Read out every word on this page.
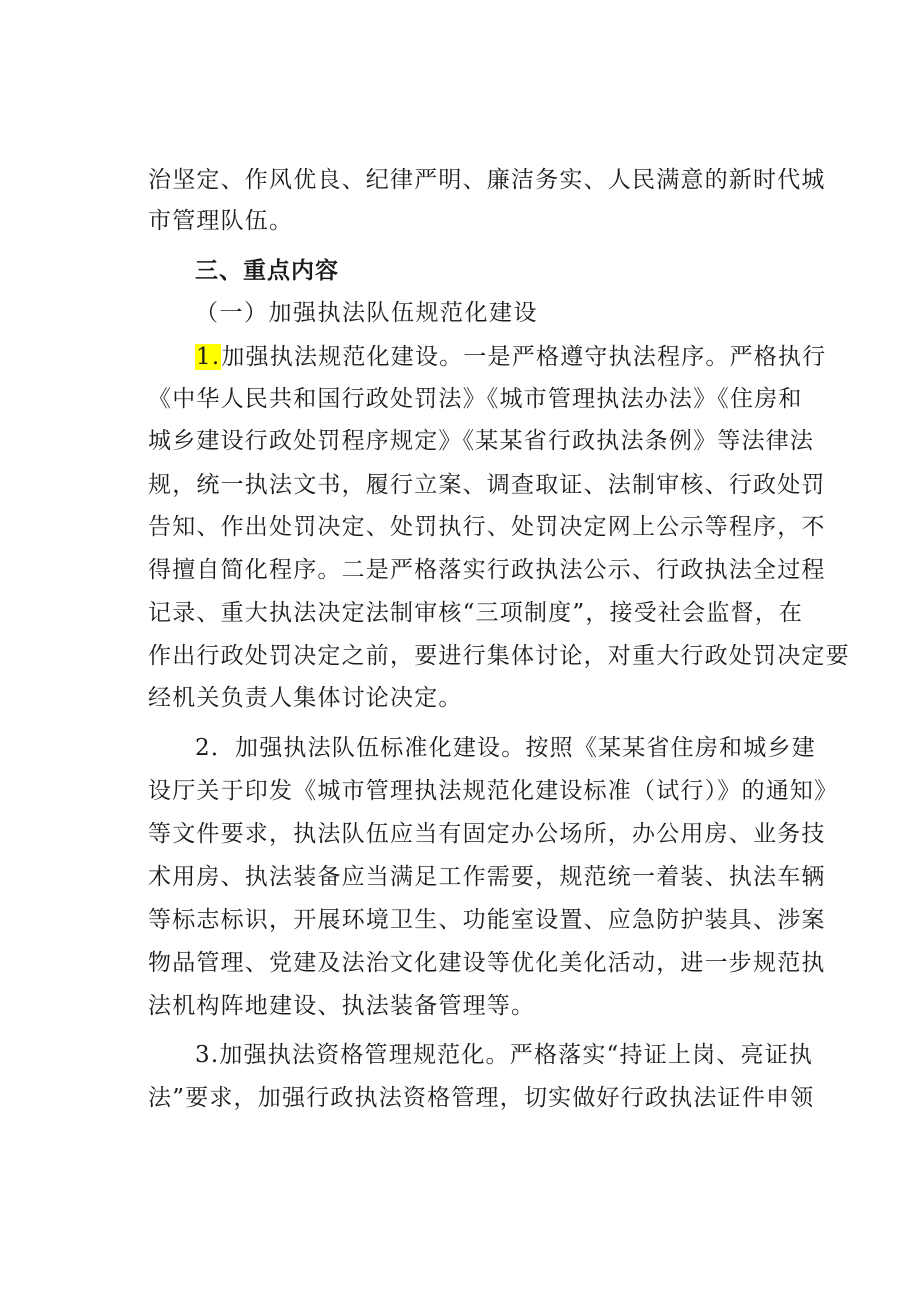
治坚定、作风优良、纪律严明、廉洁务实、人民满意的新时代城
市管理队伍。
三、重点内容
（一）加强执法队伍规范化建设
1.加强执法规范化建设。一是严格遵守执法程序。严格执行
《中华人民共和国行政处罚法》《城市管理执法办法》《住房和
城乡建设行政处罚程序规定》《某某省行政执法条例》等法律法
规，统一执法文书，履行立案、调查取证、法制审核、行政处罚
告知、作出处罚决定、处罚执行、处罚决定网上公示等程序，不
得擅自简化程序。二是严格落实行政执法公示、行政执法全过程
记录、重大执法决定法制审核“三项制度”，接受社会监督，在
作出行政处罚决定之前，要进行集体讨论，对重大行政处罚决定要
经机关负责人集体讨论决定。
2．加强执法队伍标准化建设。按照《某某省住房和城乡建
设厅关于印发《城市管理执法规范化建设标准（试行）》的通知》
等文件要求，执法队伍应当有固定办公场所，办公用房、业务技
术用房、执法装备应当满足工作需要，规范统一着装、执法车辆
等标志标识，开展环境卫生、功能室设置、应急防护装具、涉案
物品管理、党建及法治文化建设等优化美化活动，进一步规范执
法机构阵地建设、执法装备管理等。
3.加强执法资格管理规范化。严格落实“持证上岗、亮证执
法”要求，加强行政执法资格管理，切实做好行政执法证件申领
